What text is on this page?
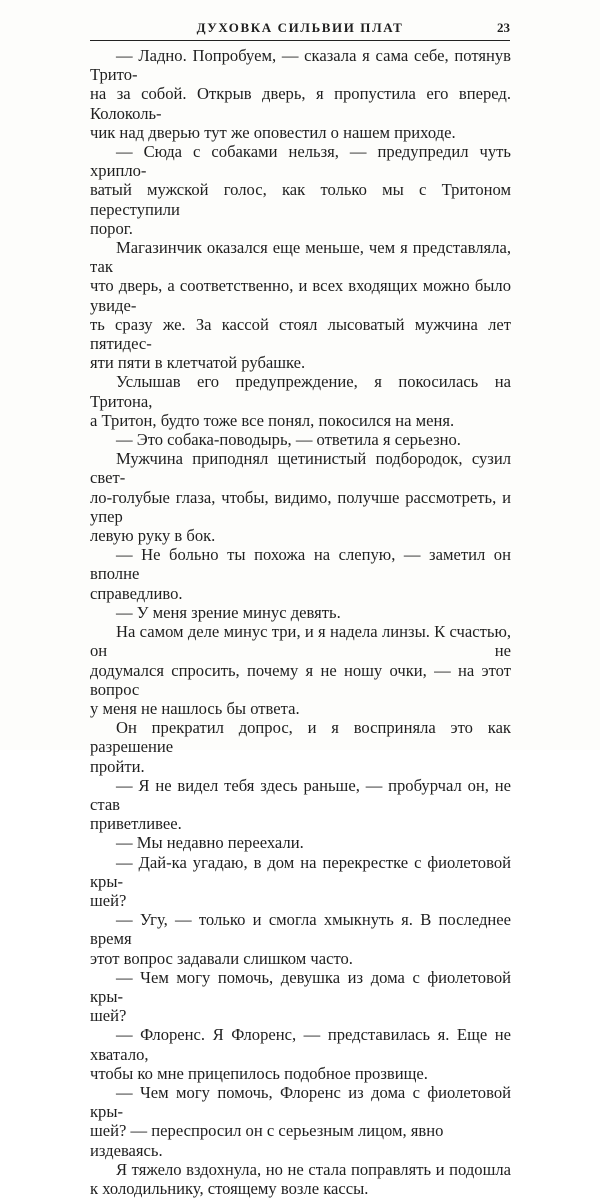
ДУХОВКА СИЛЬВИИ ПЛАТ	23

— Ладно. Попробуем, — сказала я сама себе, потянув Трито-
на за собой. Открыв дверь, я пропустила его вперед. Колоколь-
чик над дверью тут же оповестил о нашем приходе.

— Сюда с собаками нельзя, — предупредил чуть хрипло-
ватый мужской голос, как только мы с Тритоном переступили
порог.

Магазинчик оказался еще меньше, чем я представляла, так
что дверь, а соответственно, и всех входящих можно было увиде-
ть сразу же. За кассой стоял лысоватый мужчина лет пятидес-
яти пяти в клетчатой рубашке.

Услышав его предупреждение, я покосилась на Тритона,
а Тритон, будто тоже все понял, покосился на меня.

— Это собака-поводырь, — ответила я серьезно.

Мужчина приподнял щетинистый подбородок, сузил свет-
ло-голубые глаза, чтобы, видимо, получше рассмотреть, и упер
левую руку в бок.

— Не больно ты похожа на слепую, — заметил он вполне
справедливо.

— У меня зрение минус девять.

На самом деле минус три, и я надела линзы. К счастью, он не
додумался спросить, почему я не ношу очки, — на этот вопрос
у меня не нашлось бы ответа.

Он прекратил допрос, и я восприняла это как разрешение
пройти.

— Я не видел тебя здесь раньше, — пробурчал он, не став
приветливее.

— Мы недавно переехали.

— Дай-ка угадаю, в дом на перекрестке с фиолетовой кры-
шей?

— Угу, — только и смогла хмыкнуть я. В последнее время
этот вопрос задавали слишком часто.

— Чем могу помочь, девушка из дома с фиолетовой кры-
шей?

— Флоренс. Я Флоренс, — представилась я. Еще не хватало,
чтобы ко мне прицепилось подобное прозвище.

— Чем могу помочь, Флоренс из дома с фиолетовой кры-
шей? — переспросил он с серьезным лицом, явно издеваясь.

Я тяжело вздохнула, но не стала поправлять и подошла
к холодильнику, стоящему возле кассы.
